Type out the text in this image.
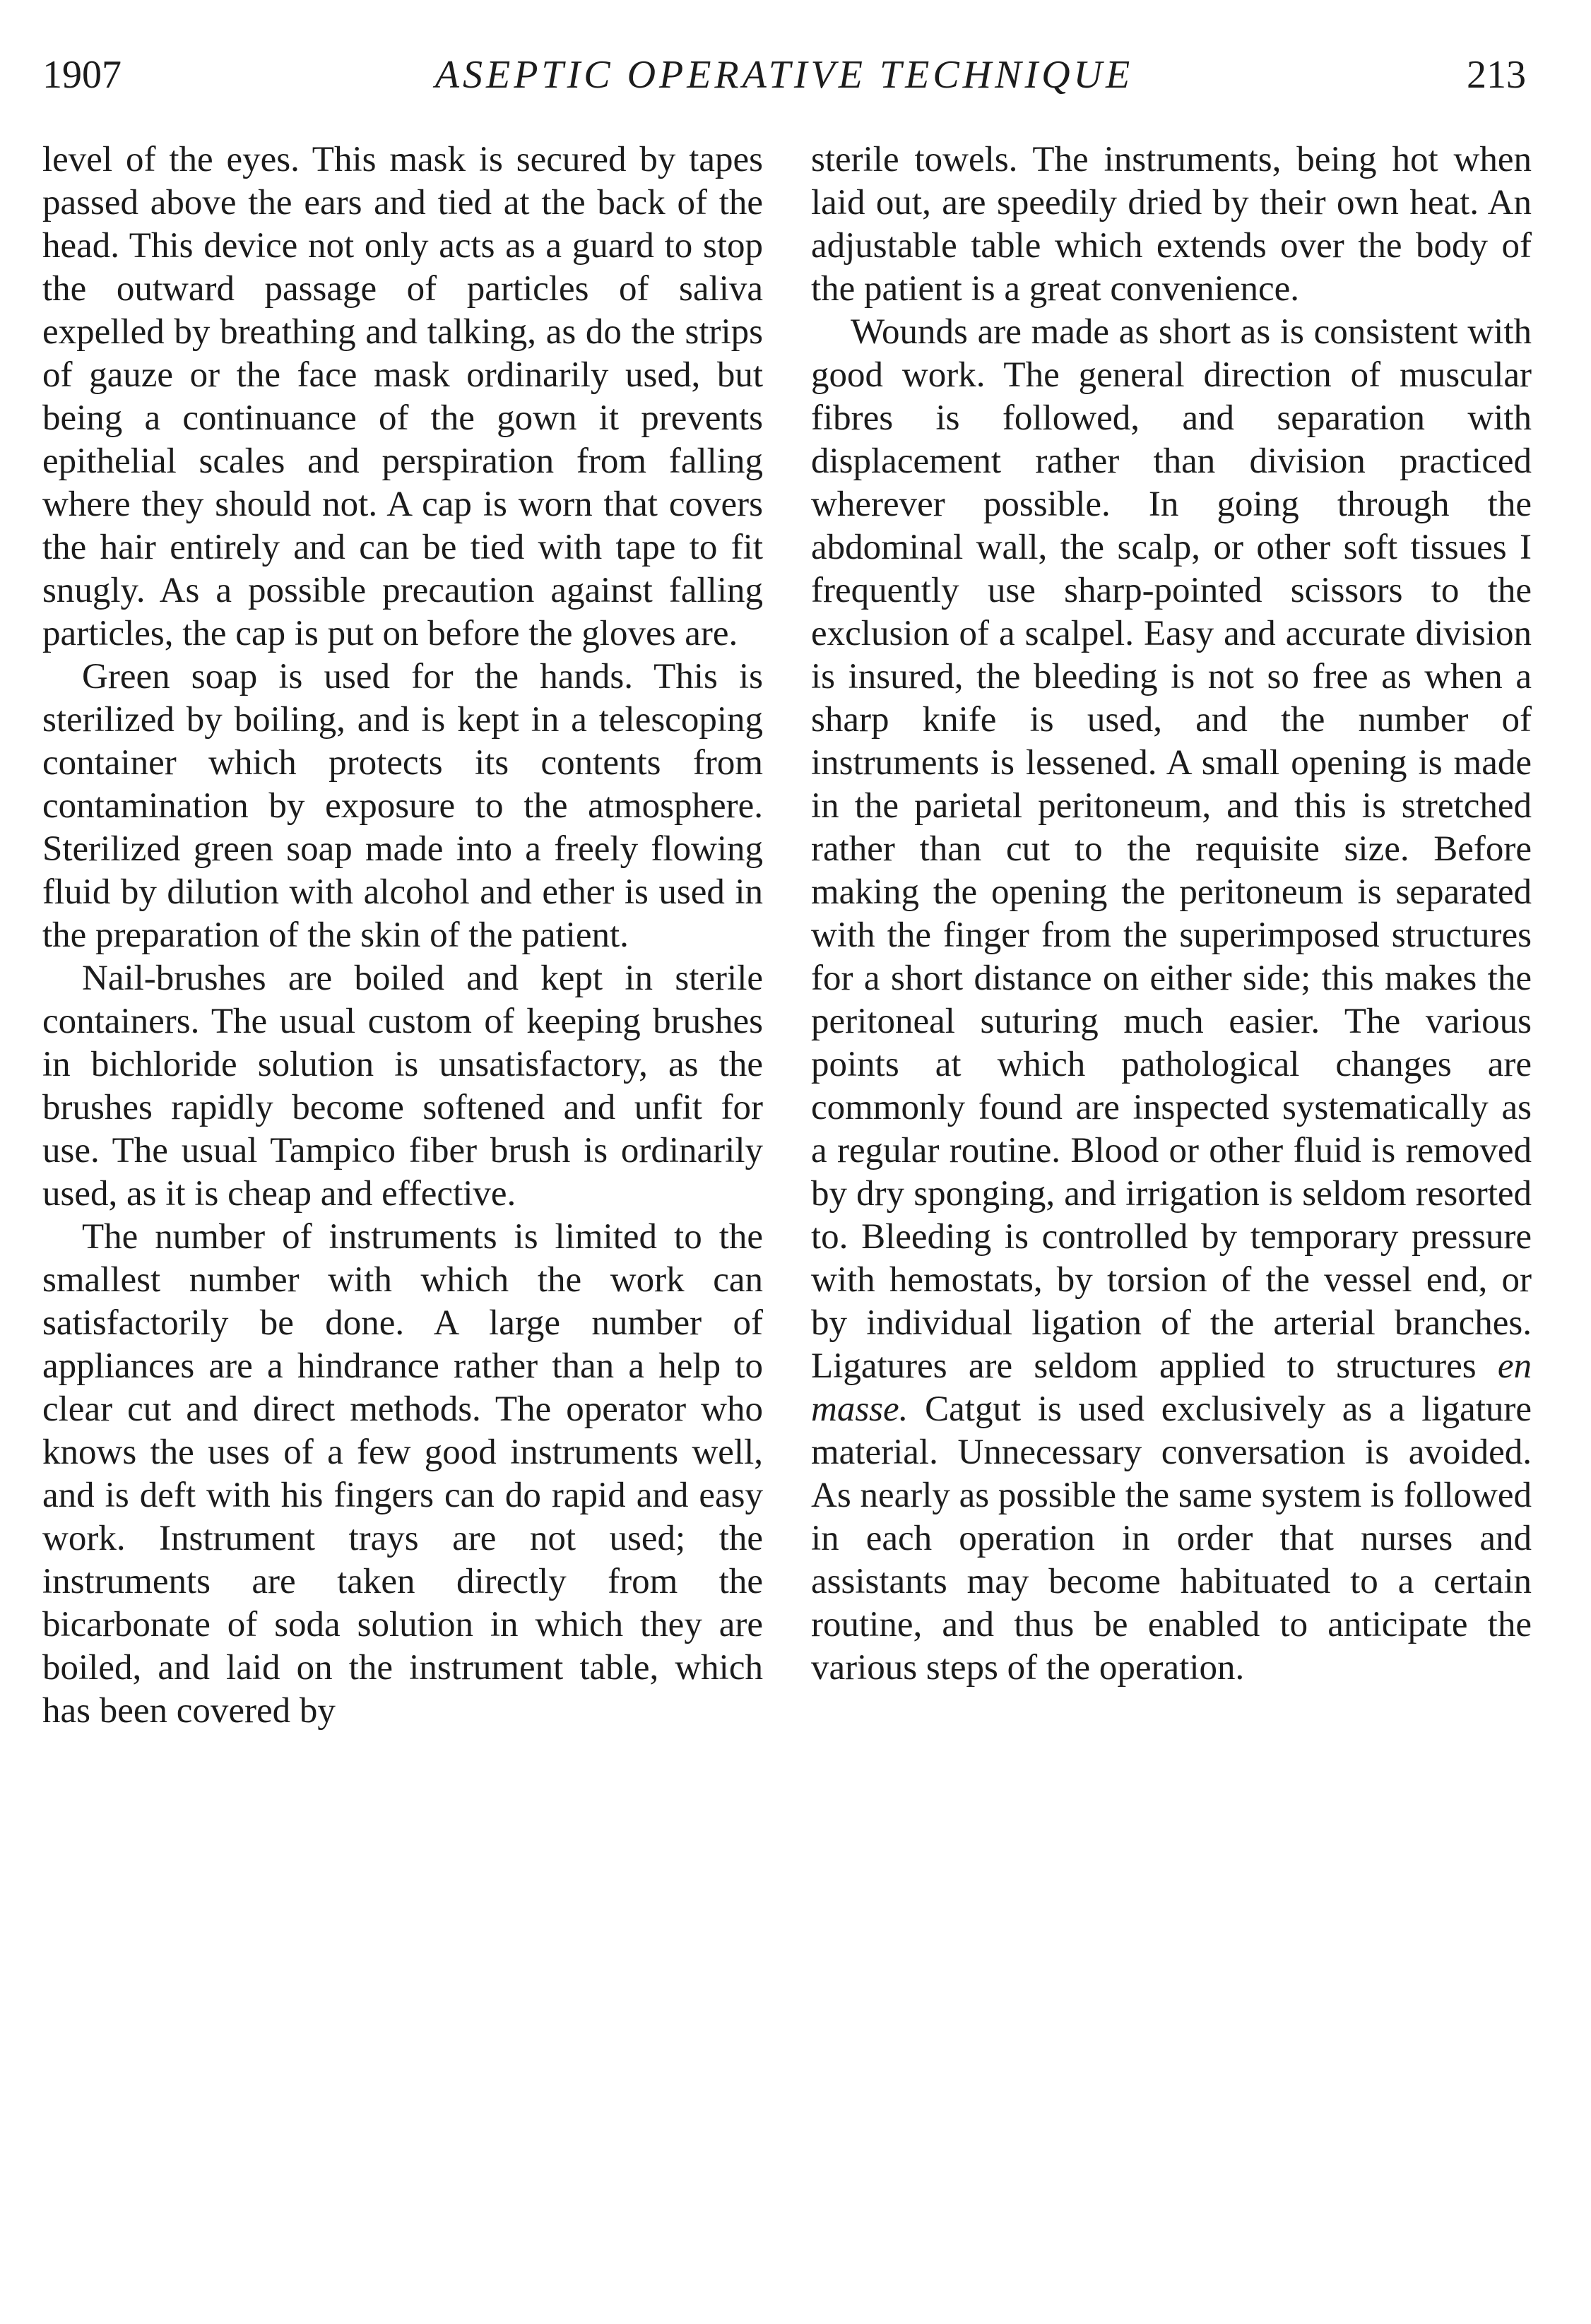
1907	ASEPTIC OPERATIVE TECHNIQUE	213

level of the eyes. This mask is secured by tapes passed above the ears and tied at the back of the head. This device not only acts as a guard to stop the outward passage of particles of saliva expelled by breathing and talking, as do the strips of gauze or the face mask ordinarily used, but being a continuance of the gown it prevents epithelial scales and perspiration from falling where they should not. A cap is worn that covers the hair entirely and can be tied with tape to fit snugly. As a possible precaution against falling particles, the cap is put on before the gloves are.

Green soap is used for the hands. This is sterilized by boiling, and is kept in a telescoping container which protects its contents from contamination by exposure to the atmosphere. Sterilized green soap made into a freely flowing fluid by dilution with alcohol and ether is used in the preparation of the skin of the patient.

Nail-brushes are boiled and kept in sterile containers. The usual custom of keeping brushes in bichloride solution is unsatisfactory, as the brushes rapidly become softened and unfit for use. The usual Tampico fiber brush is ordinarily used, as it is cheap and effective.

The number of instruments is limited to the smallest number with which the work can satisfactorily be done. A large number of appliances are a hindrance rather than a help to clear cut and direct methods. The operator who knows the uses of a few good instruments well, and is deft with his fingers can do rapid and easy work. Instrument trays are not used; the instruments are taken directly from the bicarbonate of soda solution in which they are boiled, and laid on the instrument table, which has been covered by

sterile towels. The instruments, being hot when laid out, are speedily dried by their own heat. An adjustable table which extends over the body of the patient is a great convenience.

Wounds are made as short as is consistent with good work. The general direction of muscular fibres is followed, and separation with displacement rather than division practiced wherever possible. In going through the abdominal wall, the scalp, or other soft tissues I frequently use sharp-pointed scissors to the exclusion of a scalpel. Easy and accurate division is insured, the bleeding is not so free as when a sharp knife is used, and the number of instruments is lessened. A small opening is made in the parietal peritoneum, and this is stretched rather than cut to the requisite size. Before making the opening the peritoneum is separated with the finger from the superimposed structures for a short distance on either side; this makes the peritoneal suturing much easier. The various points at which pathological changes are commonly found are inspected systematically as a regular routine. Blood or other fluid is removed by dry sponging, and irrigation is seldom resorted to. Bleeding is controlled by temporary pressure with hemostats, by torsion of the vessel end, or by individual ligation of the arterial branches. Ligatures are seldom applied to structures en masse. Catgut is used exclusively as a ligature material. Unnecessary conversation is avoided. As nearly as possible the same system is followed in each operation in order that nurses and assistants may become habituated to a certain routine, and thus be enabled to anticipate the various steps of the operation.
